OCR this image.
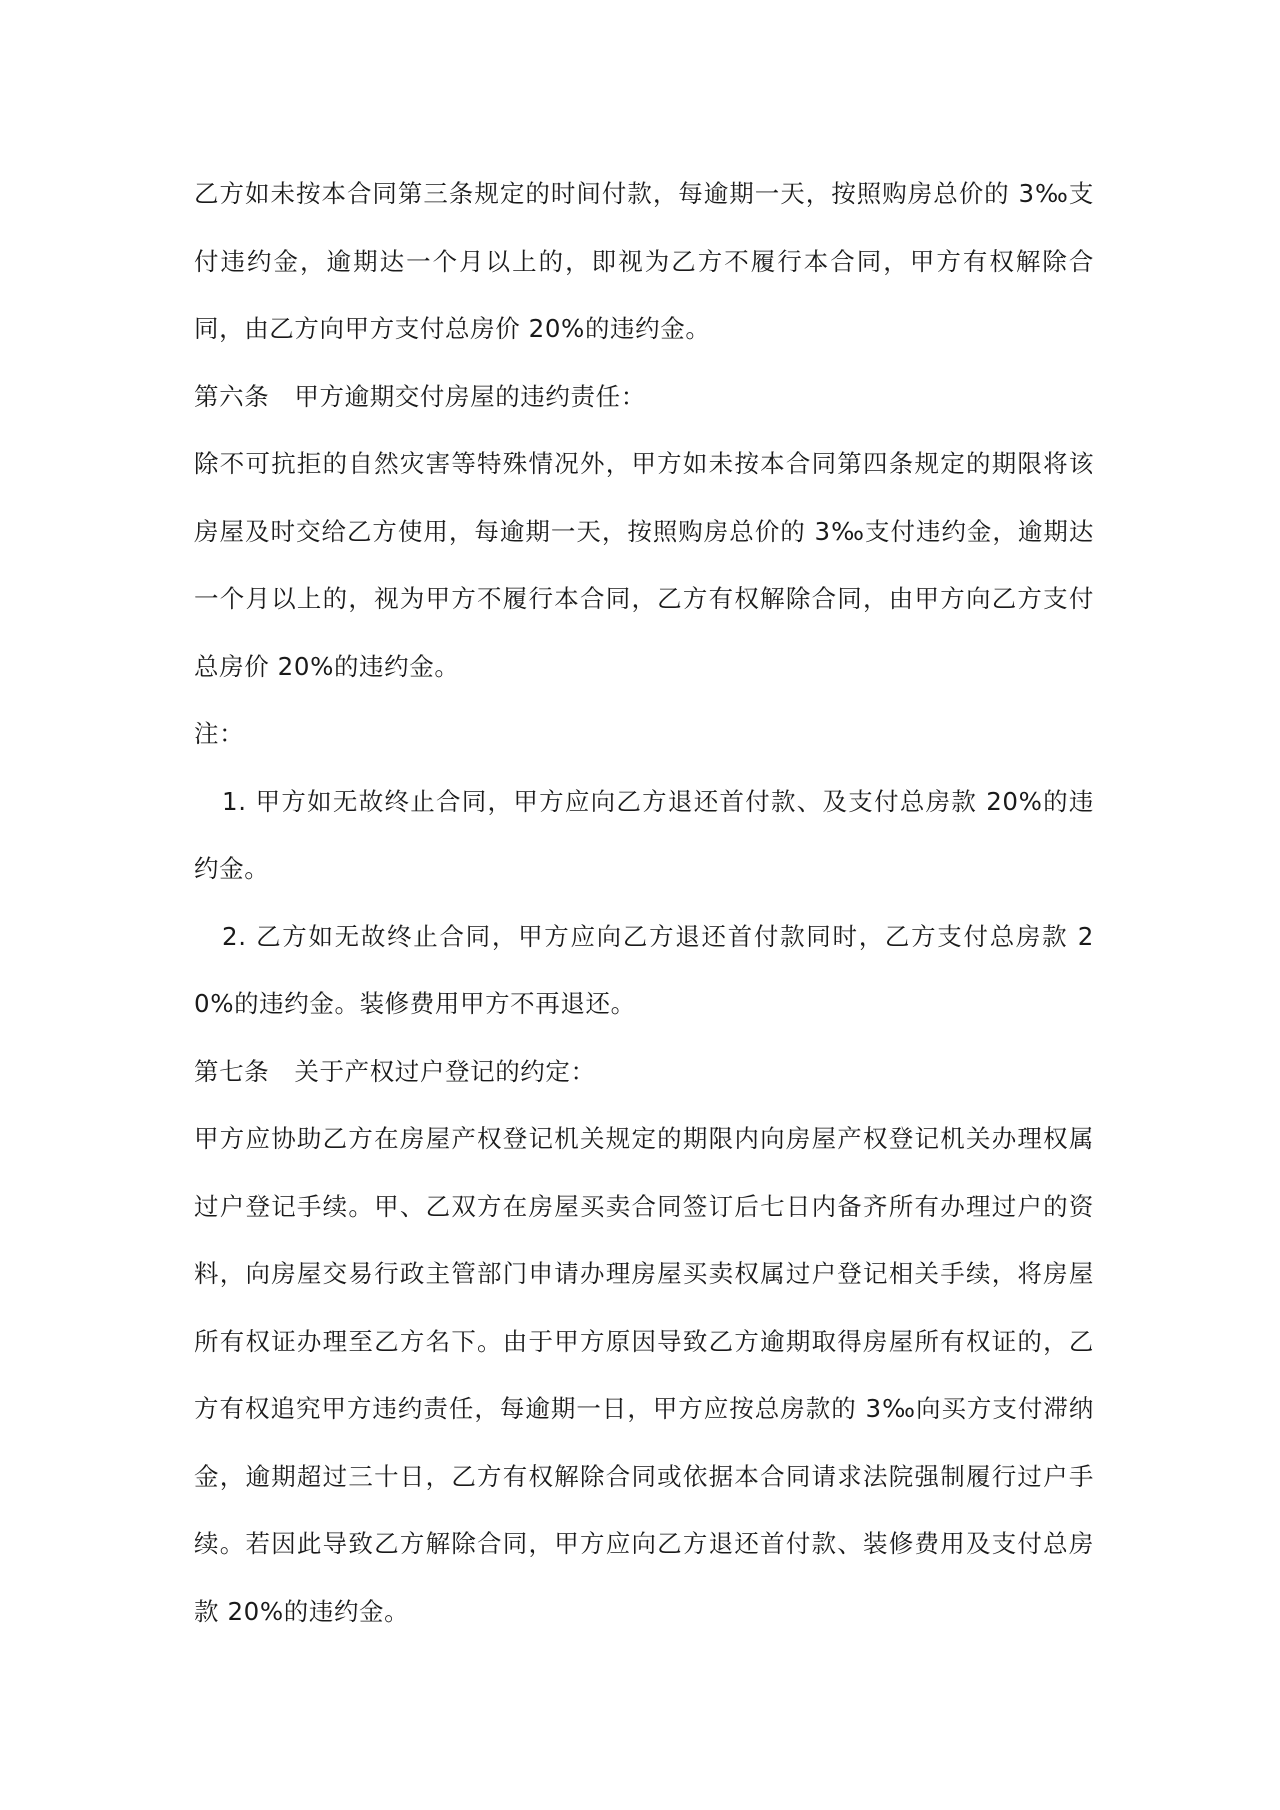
乙方如未按本合同第三条规定的时间付款，每逾期一天，按照购房总价的 3‰支付违约金，逾期达一个月以上的，即视为乙方不履行本合同，甲方有权解除合同，由乙方向甲方支付总房价 20%的违约金。

第六条　甲方逾期交付房屋的违约责任：

除不可抗拒的自然灾害等特殊情况外，甲方如未按本合同第四条规定的期限将该房屋及时交给乙方使用，每逾期一天，按照购房总价的 3‰支付违约金，逾期达一个月以上的，视为甲方不履行本合同，乙方有权解除合同，由甲方向乙方支付总房价 20%的违约金。

注：

1. 甲方如无故终止合同，甲方应向乙方退还首付款、及支付总房款 20%的违约金。

2. 乙方如无故终止合同，甲方应向乙方退还首付款同时，乙方支付总房款 20%的违约金。装修费用甲方不再退还。

第七条　关于产权过户登记的约定：

甲方应协助乙方在房屋产权登记机关规定的期限内向房屋产权登记机关办理权属过户登记手续。甲、乙双方在房屋买卖合同签订后七日内备齐所有办理过户的资料，向房屋交易行政主管部门申请办理房屋买卖权属过户登记相关手续，将房屋所有权证办理至乙方名下。由于甲方原因导致乙方逾期取得房屋所有权证的，乙方有权追究甲方违约责任，每逾期一日，甲方应按总房款的 3‰向买方支付滞纳金，逾期超过三十日，乙方有权解除合同或依据本合同请求法院强制履行过户手续。若因此导致乙方解除合同，甲方应向乙方退还首付款、装修费用及支付总房款 20%的违约金。
